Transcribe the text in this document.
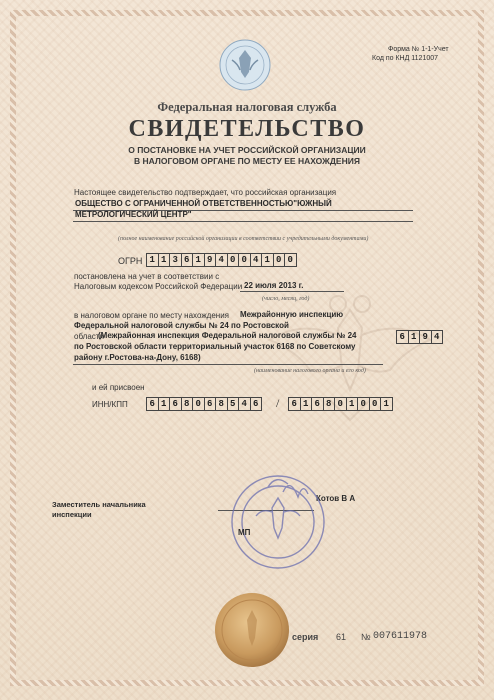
Форма № 1-1-Учет
Код по КНД 1121007
Федеральная налоговая служба
СВИДЕТЕЛЬСТВО
О ПОСТАНОВКЕ НА УЧЕТ РОССИЙСКОЙ ОРГАНИЗАЦИИ
В НАЛОГОВОМ ОРГАНЕ ПО МЕСТУ ЕЕ НАХОЖДЕНИЯ
Настоящее свидетельство подтверждает, что российская организация
ОБЩЕСТВО С ОГРАНИЧЕННОЙ ОТВЕТСТВЕННОСТЬЮ"ЮЖНЫЙ
МЕТРОЛОГИЧЕСКИЙ ЦЕНТР"
(полное наименование российской организации в соответствии с учредительными документами)
ОГРН 1 1 3 6 1 9 4 0 0 4 1 0 0
постановлена на учет в соответствии с
Налоговым кодексом Российской Федерации 22 июля 2013 г.
(число, месяц, год)
в налоговом органе по месту нахождения Межрайонную инспекцию
Федеральной налоговой службы № 24 по Ростовской
области
(Межрайонная инспекция Федеральной налоговой службы № 24
по Ростовской области территориальный участок 6168 по Советскому
району г.Ростова-на-Дону, 6168)
6 1 9 4
(наименование налогового органа и его код)
и ей присвоен
ИНН/КПП 6 1 6 8 0 6 8 5 4 6 / 6 1 6 8 0 1 0 0 1
Заместитель начальника
инспекции
Котов В А
МП
серия 61 № 007611978
